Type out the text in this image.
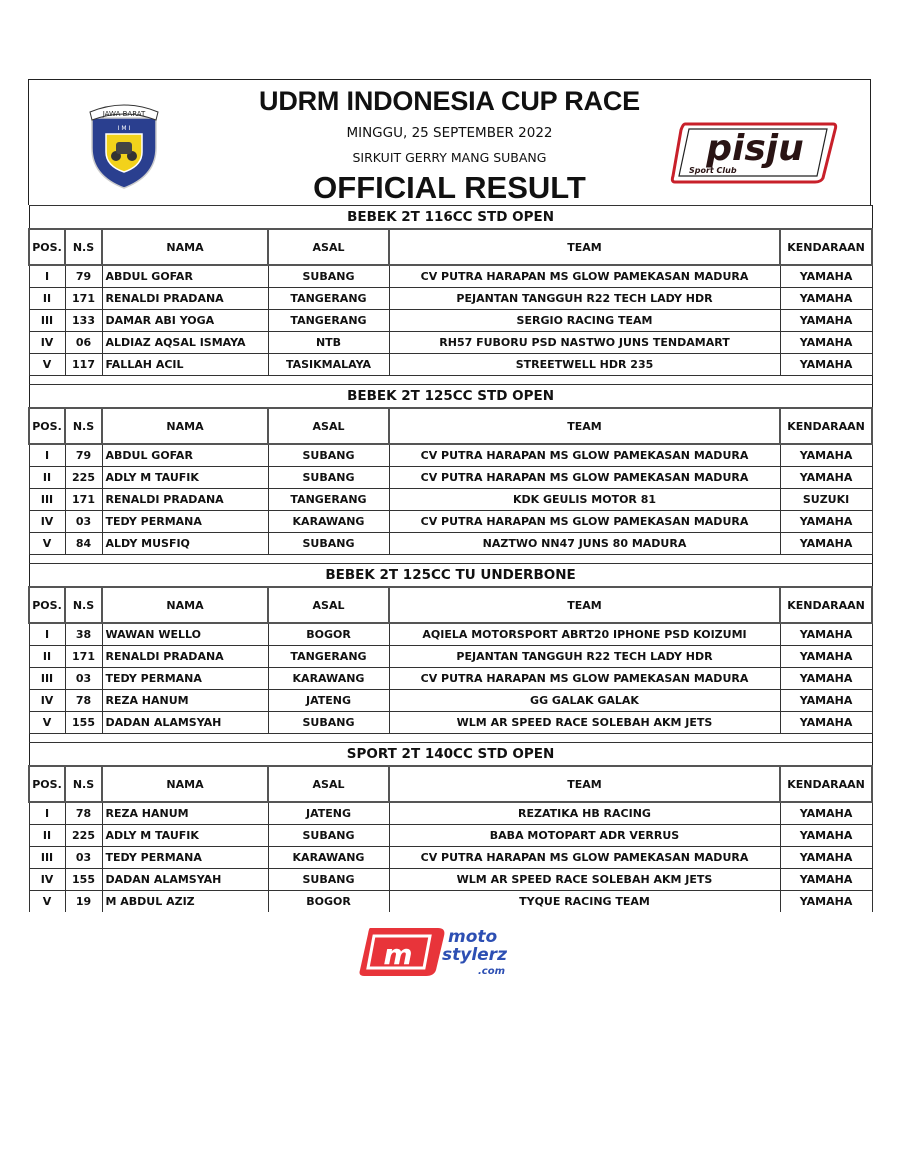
JAWA BARAT
I M I
UDRM INDONESIA CUP RACE
MINGGU, 25 SEPTEMBER 2022
SIRKUIT GERRY MANG SUBANG
OFFICIAL RESULT
pisju
Sport Club
BEBEK 2T 116CC STD OPEN					
POS.	N.S	NAMA	ASAL	TEAM	KENDARAAN
I	79	ABDUL GOFAR	SUBANG	CV PUTRA HARAPAN MS GLOW PAMEKASAN MADURA	YAMAHA
II	171	RENALDI PRADANA	TANGERANG	PEJANTAN TANGGUH R22 TECH LADY HDR	YAMAHA
III	133	DAMAR ABI YOGA	TANGERANG	SERGIO RACING TEAM	YAMAHA
IV	06	ALDIAZ AQSAL ISMAYA	NTB	RH57 FUBORU PSD NASTWO JUNS TENDAMART	YAMAHA
V	117	FALLAH ACIL	TASIKMALAYA	STREETWELL HDR 235	YAMAHA

BEBEK 2T 125CC STD OPEN					
POS.	N.S	NAMA	ASAL	TEAM	KENDARAAN
I	79	ABDUL GOFAR	SUBANG	CV PUTRA HARAPAN MS GLOW PAMEKASAN MADURA	YAMAHA
II	225	ADLY M TAUFIK	SUBANG	CV PUTRA HARAPAN MS GLOW PAMEKASAN MADURA	YAMAHA
III	171	RENALDI PRADANA	TANGERANG	KDK GEULIS MOTOR 81	SUZUKI
IV	03	TEDY PERMANA	KARAWANG	CV PUTRA HARAPAN MS GLOW PAMEKASAN MADURA	YAMAHA
V	84	ALDY MUSFIQ	SUBANG	NAZTWO NN47 JUNS 80 MADURA	YAMAHA

BEBEK 2T 125CC TU UNDERBONE					
POS.	N.S	NAMA	ASAL	TEAM	KENDARAAN
I	38	WAWAN WELLO	BOGOR	AQIELA MOTORSPORT ABRT20 IPHONE PSD KOIZUMI	YAMAHA
II	171	RENALDI PRADANA	TANGERANG	PEJANTAN TANGGUH R22 TECH LADY HDR	YAMAHA
III	03	TEDY PERMANA	KARAWANG	CV PUTRA HARAPAN MS GLOW PAMEKASAN MADURA	YAMAHA
IV	78	REZA HANUM	JATENG	GG GALAK GALAK	YAMAHA
V	155	DADAN ALAMSYAH	SUBANG	WLM AR SPEED RACE SOLEBAH AKM JETS	YAMAHA

SPORT 2T 140CC STD OPEN					
POS.	N.S	NAMA	ASAL	TEAM	KENDARAAN
I	78	REZA HANUM	JATENG	REZATIKA HB RACING	YAMAHA
II	225	ADLY M TAUFIK	SUBANG	BABA MOTOPART ADR VERRUS	YAMAHA
III	03	TEDY PERMANA	KARAWANG	CV PUTRA HARAPAN MS GLOW PAMEKASAN MADURA	YAMAHA
IV	155	DADAN ALAMSYAH	SUBANG	WLM AR SPEED RACE SOLEBAH AKM JETS	YAMAHA
V	19	M ABDUL AZIZ	BOGOR	TYQUE RACING TEAM	YAMAHA
m
moto
stylerz
.com
